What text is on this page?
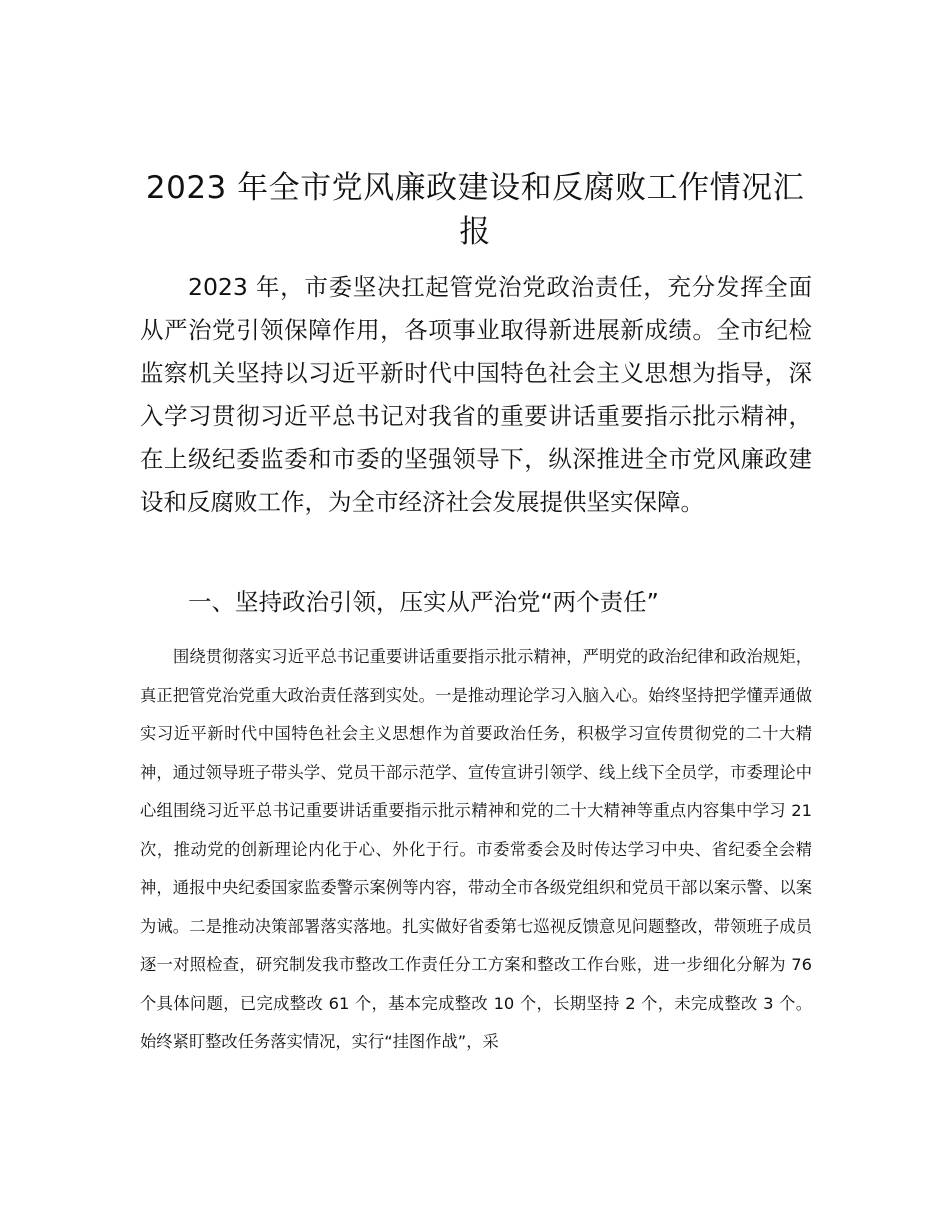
2023 年全市党风廉政建设和反腐败工作情况汇报

2023 年，市委坚决扛起管党治党政治责任，充分发挥全面从严治党引领保障作用，各项事业取得新进展新成绩。全市纪检监察机关坚持以习近平新时代中国特色社会主义思想为指导，深入学习贯彻习近平总书记对我省的重要讲话重要指示批示精神，在上级纪委监委和市委的坚强领导下，纵深推进全市党风廉政建设和反腐败工作，为全市经济社会发展提供坚实保障。

一、坚持政治引领，压实从严治党“两个责任”

围绕贯彻落实习近平总书记重要讲话重要指示批示精神，严明党的政治纪律和政治规矩，真正把管党治党重大政治责任落到实处。一是推动理论学习入脑入心。始终坚持把学懂弄通做实习近平新时代中国特色社会主义思想作为首要政治任务，积极学习宣传贯彻党的二十大精神，通过领导班子带头学、党员干部示范学、宣传宣讲引领学、线上线下全员学，市委理论中心组围绕习近平总书记重要讲话重要指示批示精神和党的二十大精神等重点内容集中学习 21 次，推动党的创新理论内化于心、外化于行。市委常委会及时传达学习中央、省纪委全会精神，通报中央纪委国家监委警示案例等内容，带动全市各级党组织和党员干部以案示警、以案为诫。二是推动决策部署落实落地。扎实做好省委第七巡视反馈意见问题整改，带领班子成员逐一对照检查，研究制发我市整改工作责任分工方案和整改工作台账，进一步细化分解为 76 个具体问题，已完成整改 61 个，基本完成整改 10 个，长期坚持 2 个，未完成整改 3 个。始终紧盯整改任务落实情况，实行“挂图作战”，采
